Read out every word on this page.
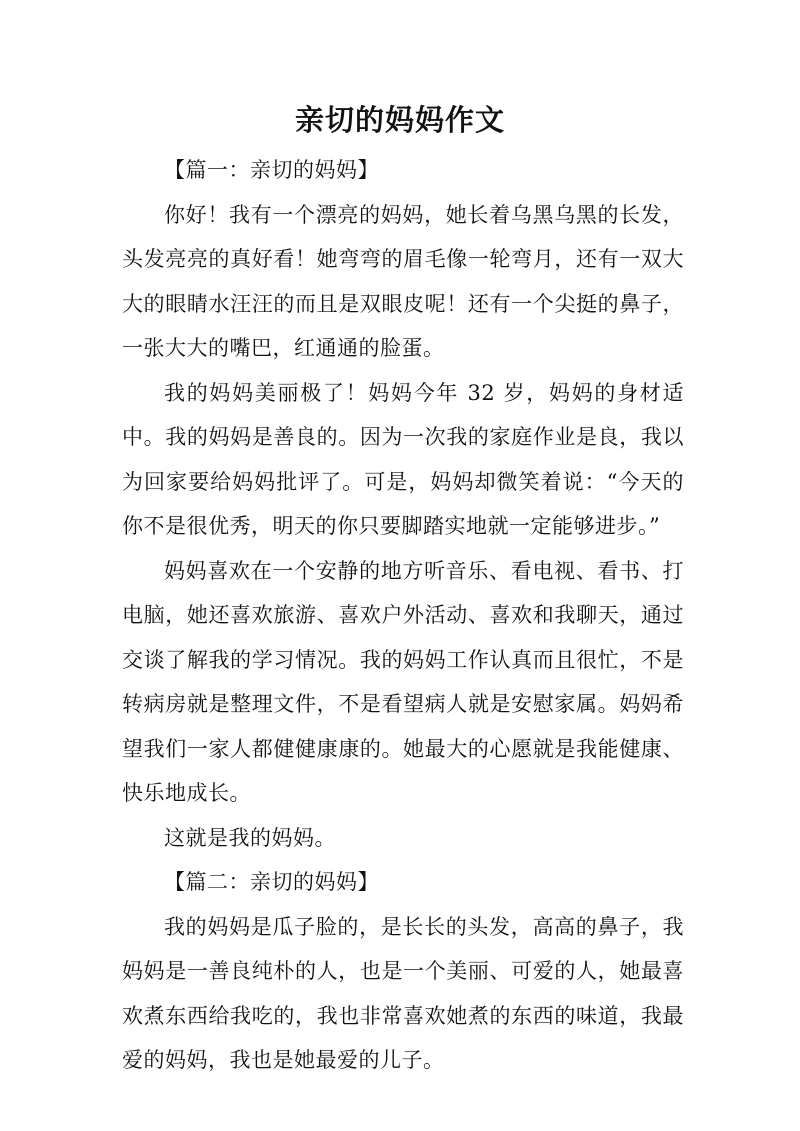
亲切的妈妈作文

【篇一：亲切的妈妈】

你好！我有一个漂亮的妈妈，她长着乌黑乌黑的长发，头发亮亮的真好看！她弯弯的眉毛像一轮弯月，还有一双大大的眼睛水汪汪的而且是双眼皮呢！还有一个尖挺的鼻子，一张大大的嘴巴，红通通的脸蛋。

我的妈妈美丽极了！妈妈今年 32 岁，妈妈的身材适中。我的妈妈是善良的。因为一次我的家庭作业是良，我以为回家要给妈妈批评了。可是，妈妈却微笑着说：“今天的你不是很优秀，明天的你只要脚踏实地就一定能够进步。”

妈妈喜欢在一个安静的地方听音乐、看电视、看书、打电脑，她还喜欢旅游、喜欢户外活动、喜欢和我聊天，通过交谈了解我的学习情况。我的妈妈工作认真而且很忙，不是转病房就是整理文件，不是看望病人就是安慰家属。妈妈希望我们一家人都健健康康的。她最大的心愿就是我能健康、快乐地成长。

这就是我的妈妈。

【篇二：亲切的妈妈】

我的妈妈是瓜子脸的，是长长的头发，高高的鼻子，我妈妈是一善良纯朴的人，也是一个美丽、可爱的人，她最喜欢煮东西给我吃的，我也非常喜欢她煮的东西的味道，我最爱的妈妈，我也是她最爱的儿子。
